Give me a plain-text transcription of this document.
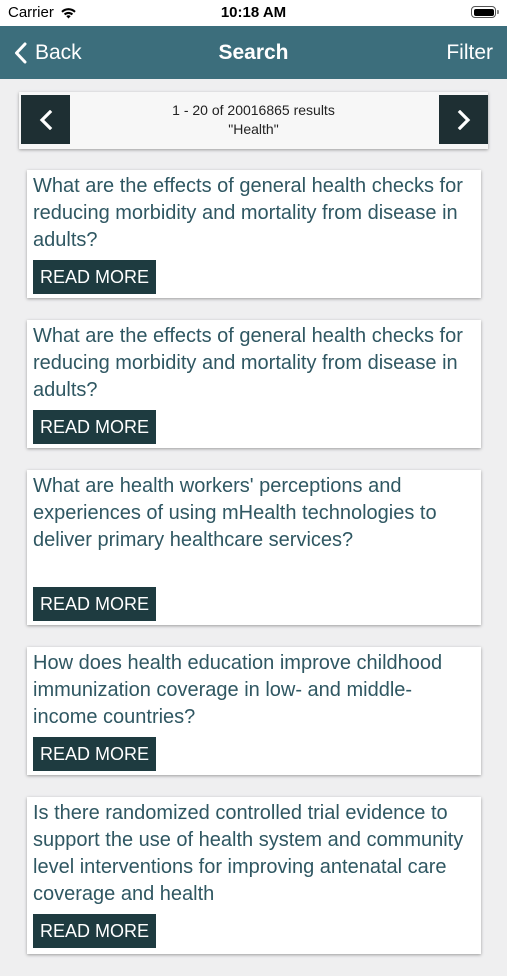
Carrier	10:18 AM
Back	Search	Filter
1 - 20 of 20016865 results
"Health"

What are the effects of general health checks for reducing morbidity and mortality from disease in adults?

READ MORE

What are the effects of general health checks for reducing morbidity and mortality from disease in adults?

READ MORE

What are health workers' perceptions and experiences of using mHealth technologies to deliver primary healthcare services?

READ MORE

How does health education improve childhood immunization coverage in low- and middle-income countries?

READ MORE

Is there randomized controlled trial evidence to support the use of health system and community level interventions for improving antenatal care coverage and health

READ MORE
